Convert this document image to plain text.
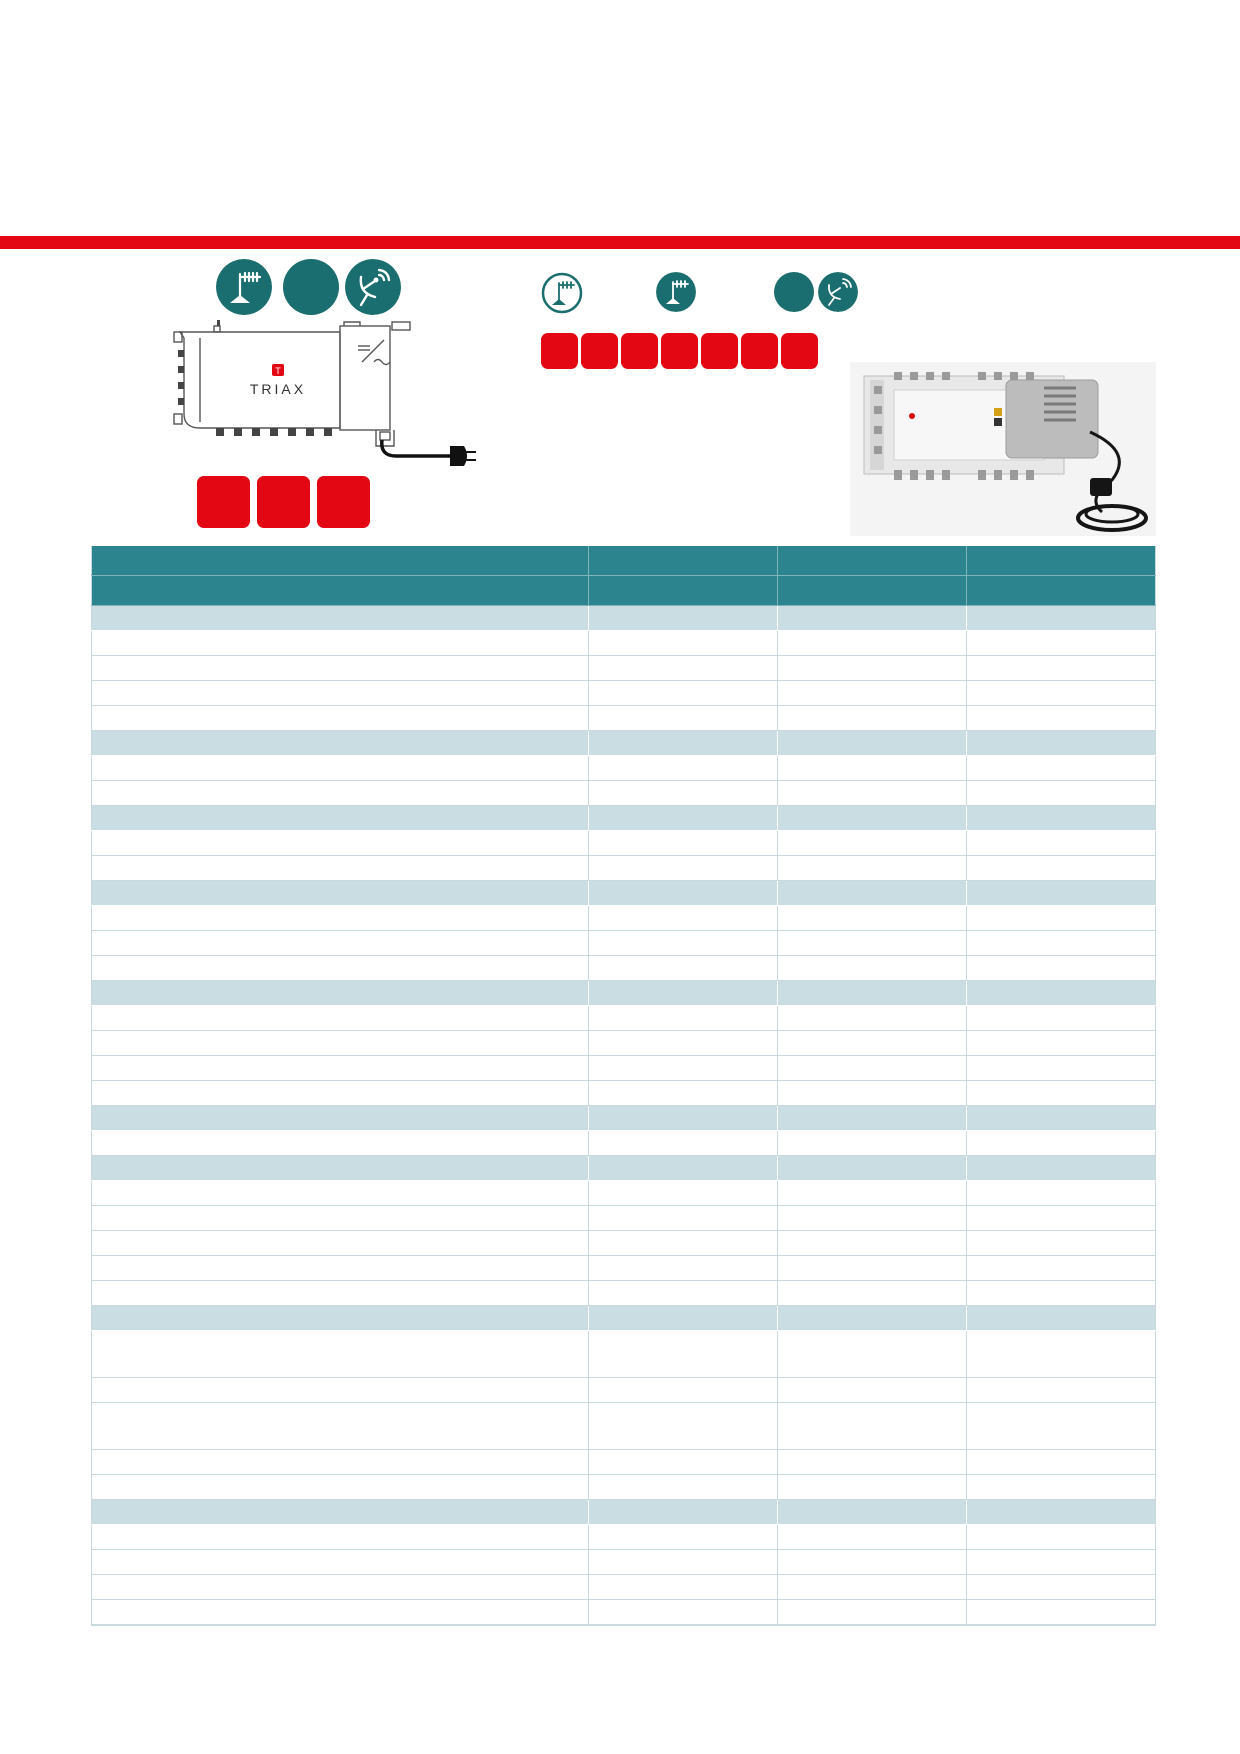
T
TRIAX
